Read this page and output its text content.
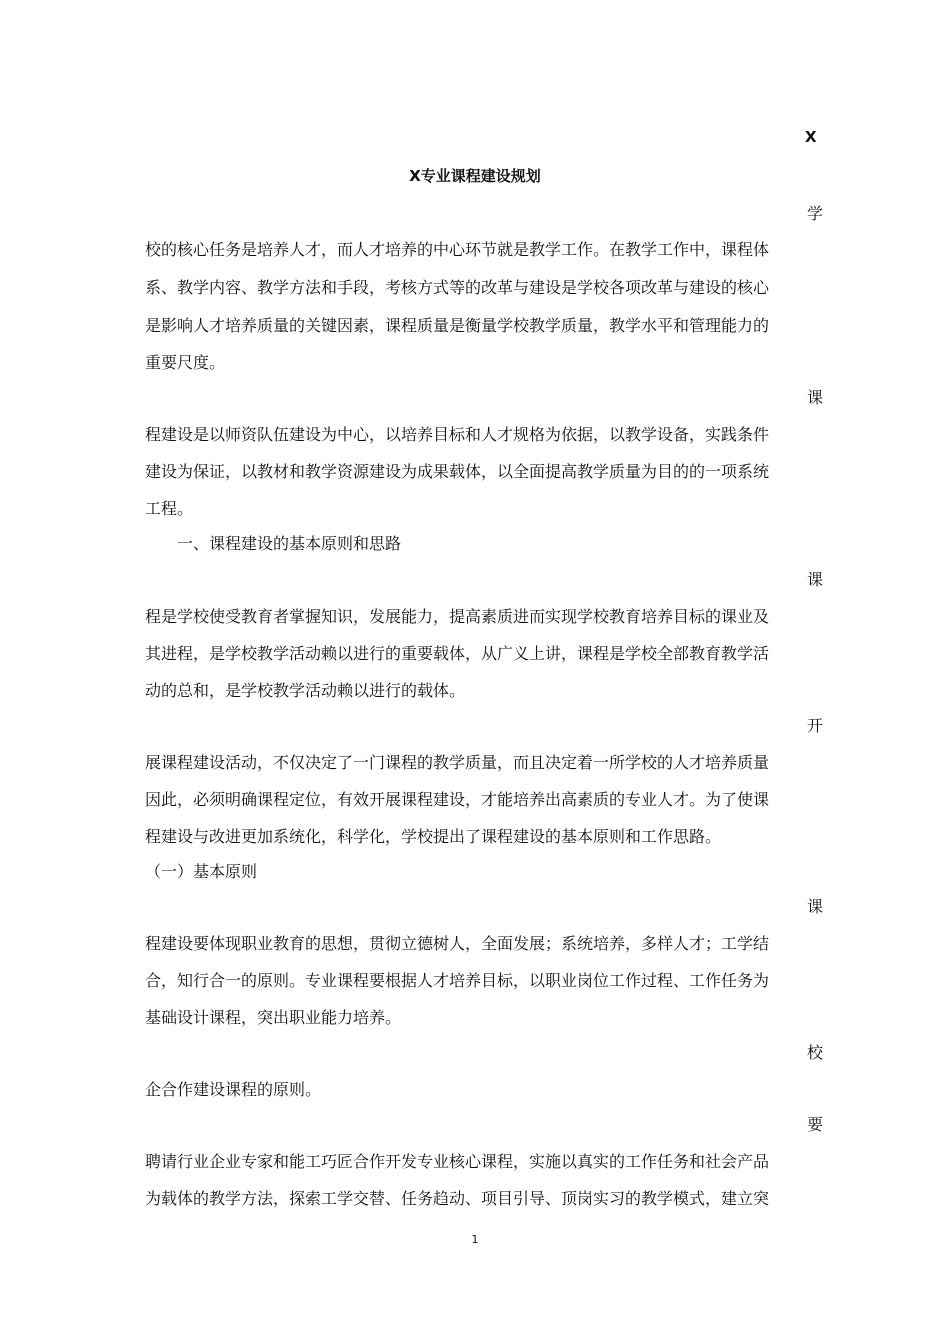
X
X专业课程建设规划
学
校的核心任务是培养人才，而人才培养的中心环节就是教学工作。在教学工作中，课程体
系、教学内容、教学方法和手段，考核方式等的改革与建设是学校各项改革与建设的核心
是影响人才培养质量的关键因素，课程质量是衡量学校教学质量，教学水平和管理能力的
重要尺度。
课
程建设是以师资队伍建设为中心，以培养目标和人才规格为依据，以教学设备，实践条件
建设为保证，以教材和教学资源建设为成果载体，以全面提高教学质量为目的的一项系统
工程。
一、课程建设的基本原则和思路
课
程是学校使受教育者掌握知识，发展能力，提高素质进而实现学校教育培养目标的课业及
其进程，是学校教学活动赖以进行的重要载体，从广义上讲，课程是学校全部教育教学活
动的总和，是学校教学活动赖以进行的载体。
开
展课程建设活动，不仅决定了一门课程的教学质量，而且决定着一所学校的人才培养质量
因此，必须明确课程定位，有效开展课程建设，才能培养出高素质的专业人才。为了使课
程建设与改进更加系统化，科学化，学校提出了课程建设的基本原则和工作思路。
（一）基本原则
课
程建设要体现职业教育的思想，贯彻立德树人，全面发展；系统培养，多样人才；工学结
合，知行合一的原则。专业课程要根据人才培养目标，以职业岗位工作过程、工作任务为
基础设计课程，突出职业能力培养。
校
企合作建设课程的原则。
要
聘请行业企业专家和能工巧匠合作开发专业核心课程，实施以真实的工作任务和社会产品
为载体的教学方法，探索工学交替、任务趋动、项目引导、顶岗实习的教学模式，建立突
1
